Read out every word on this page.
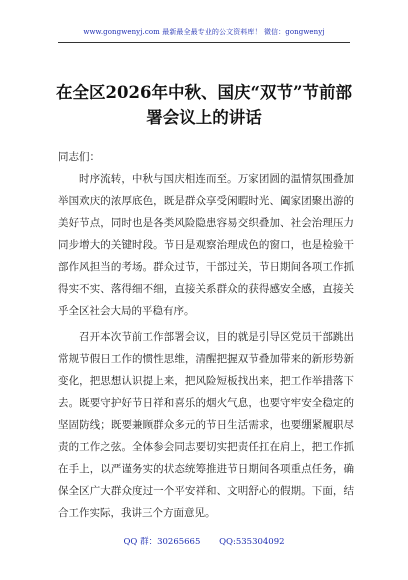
www.gongwenyj.com 最新最全最专业的公文资料库！ 微信：gongwenyj
在全区2026年中秋、国庆“双节”节前部
署会议上的讲话

同志们：

时序流转，中秋与国庆相连而至。万家团圆的温情氛围叠加举国欢庆的浓厚底色，既是群众享受闲暇时光、阖家团聚出游的美好节点，同时也是各类风险隐患容易交织叠加、社会治理压力同步增大的关键时段。节日是观察治理成色的窗口，也是检验干部作风担当的考场。群众过节，干部过关，节日期间各项工作抓得实不实、落得细不细，直接关系群众的获得感安全感，直接关乎全区社会大局的平稳有序。

召开本次节前工作部署会议，目的就是引导区党员干部跳出常规节假日工作的惯性思维，清醒把握双节叠加带来的新形势新变化，把思想认识提上来，把风险短板找出来，把工作举措落下去。既要守护好节日祥和喜乐的烟火气息，也要守牢安全稳定的坚固防线；既要兼顾群众多元的节日生活需求，也要绷紧履职尽责的工作之弦。全体参会同志要切实把责任扛在肩上，把工作抓在手上，以严谨务实的状态统筹推进节日期间各项重点任务，确保全区广大群众度过一个平安祥和、文明舒心的假期。下面，结合工作实际，我讲三个方面意见。

QQ 群：30265665 QQ:535304092
